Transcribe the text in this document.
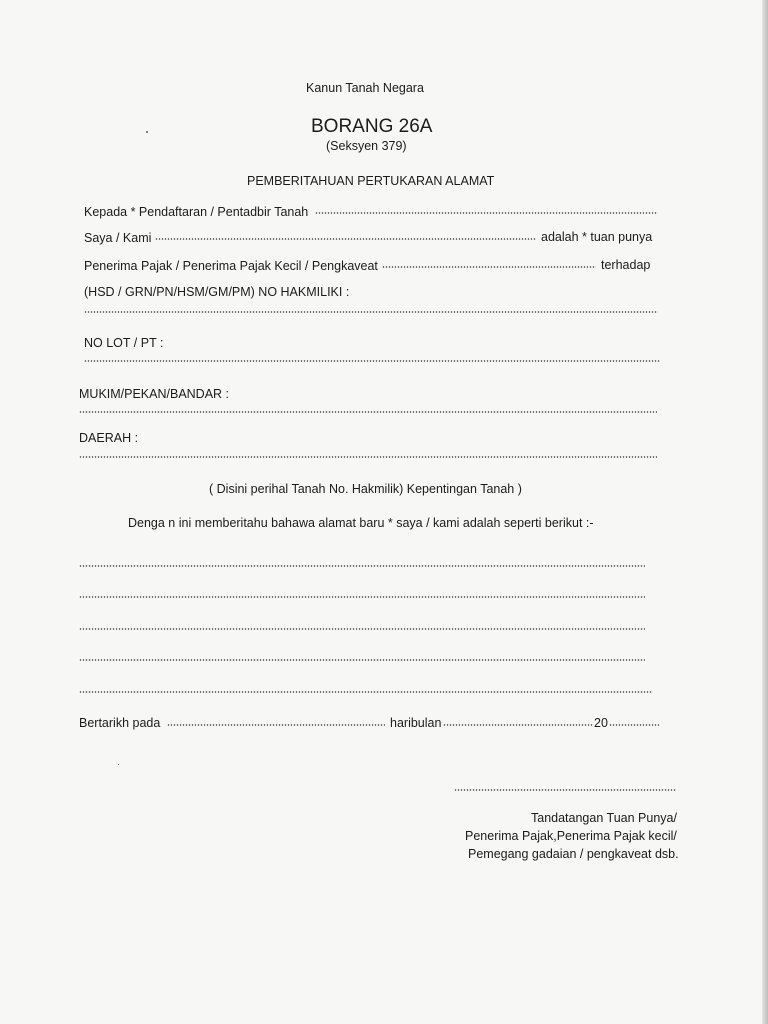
Kanun Tanah Negara
BORANG 26A
(Seksyen 379)
PEMBERITAHUAN PERTUKARAN ALAMAT
Kepada * Pendaftaran / Pentadbir Tanah
Saya / Kami	adalah * tuan punya
Penerima Pajak / Penerima Pajak Kecil / Pengkaveat	terhadap
(HSD / GRN/PN/HSM/GM/PM) NO HAKMILIKI :
NO LOT / PT :
MUKIM/PEKAN/BANDAR :
DAERAH :
( Disini perihal Tanah No. Hakmilik) Kepentingan Tanah )
Denga n ini memberitahu bahawa alamat baru * saya / kami adalah seperti berikut :-
Bertarikh pada	haribulan	20
Tandatangan Tuan Punya/
Penerima Pajak,Penerima Pajak kecil/
Pemegang gadaian / pengkaveat dsb.
